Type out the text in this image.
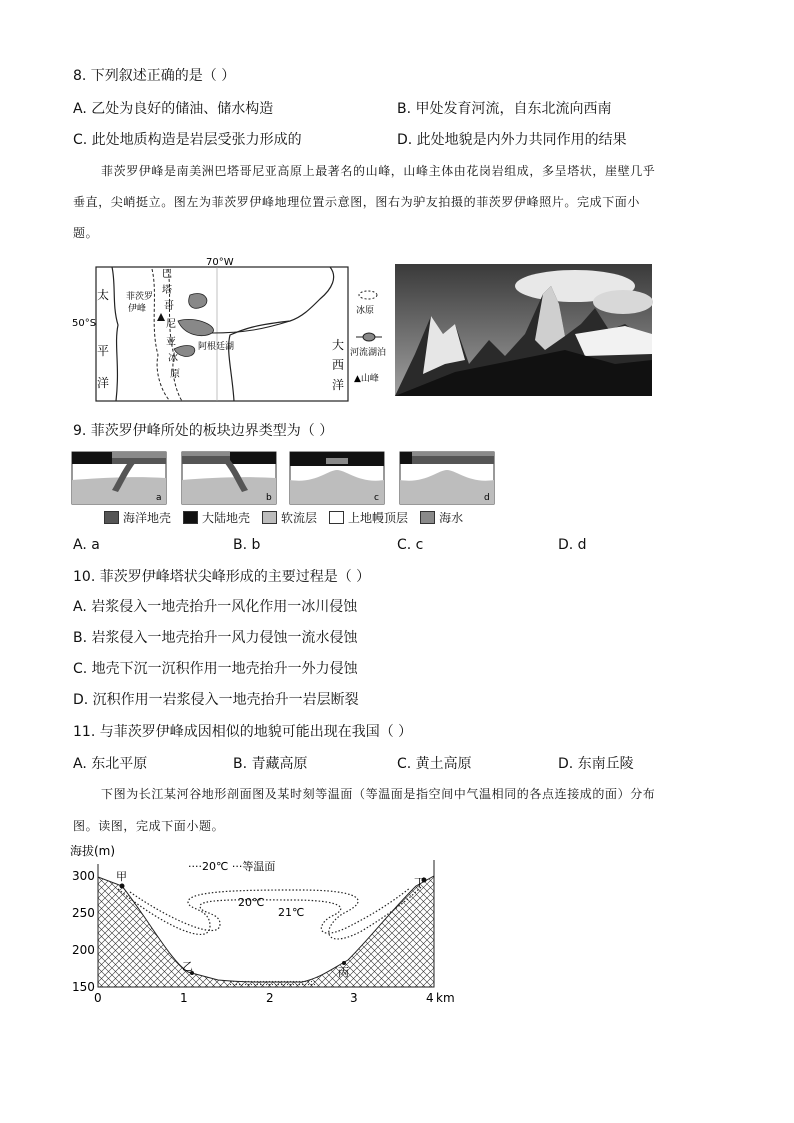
8. 下列叙述正确的是（ ）
A. 乙处为良好的储油、储水构造	B. 甲处发育河流，自东北流向西南
C. 此处地质构造是岩层受张力形成的	D. 此处地貌是内外力共同作用的结果
菲茨罗伊峰是南美洲巴塔哥尼亚高原上最著名的山峰，山峰主体由花岗岩组成，多呈塔状，崖壁几乎
垂直，尖峭挺立。图左为菲茨罗伊峰地理位置示意图，图右为驴友拍摄的菲茨罗伊峰照片。完成下面小
题。
70°W
50°S
菲茨罗
伊峰
阿根廷湖
巴
塔
哥
尼
亚
冰
原
太
平
洋
大
西
洋
冰原
河流湖泊
▲山峰
9. 菲茨罗伊峰所处的板块边界类型为（ ）
a	b	c	d
海洋地壳	大陆地壳	软流层	上地幔顶层	海水
A. a	B. b	C. c	D. d
10. 菲茨罗伊峰塔状尖峰形成的主要过程是（ ）
A. 岩浆侵入一地壳抬升一风化作用一冰川侵蚀
B. 岩浆侵入一地壳抬升一风力侵蚀一流水侵蚀
C. 地壳下沉一沉积作用一地壳抬升一外力侵蚀
D. 沉积作用一岩浆侵入一地壳抬升一岩层断裂
11. 与菲茨罗伊峰成因相似的地貌可能出现在我国（ ）
A. 东北平原	B. 青藏高原	C. 黄土高原	D. 东南丘陵
下图为长江某河谷地形剖面图及某时刻等温面（等温面是指空间中气温相同的各点连接成的面）分布
图。读图，完成下面小题。
海拔(m)
300
250
200
150
····20℃ ···等温面
20℃
21℃
甲
乙	丙
丁
0	1	2	3	4 km
